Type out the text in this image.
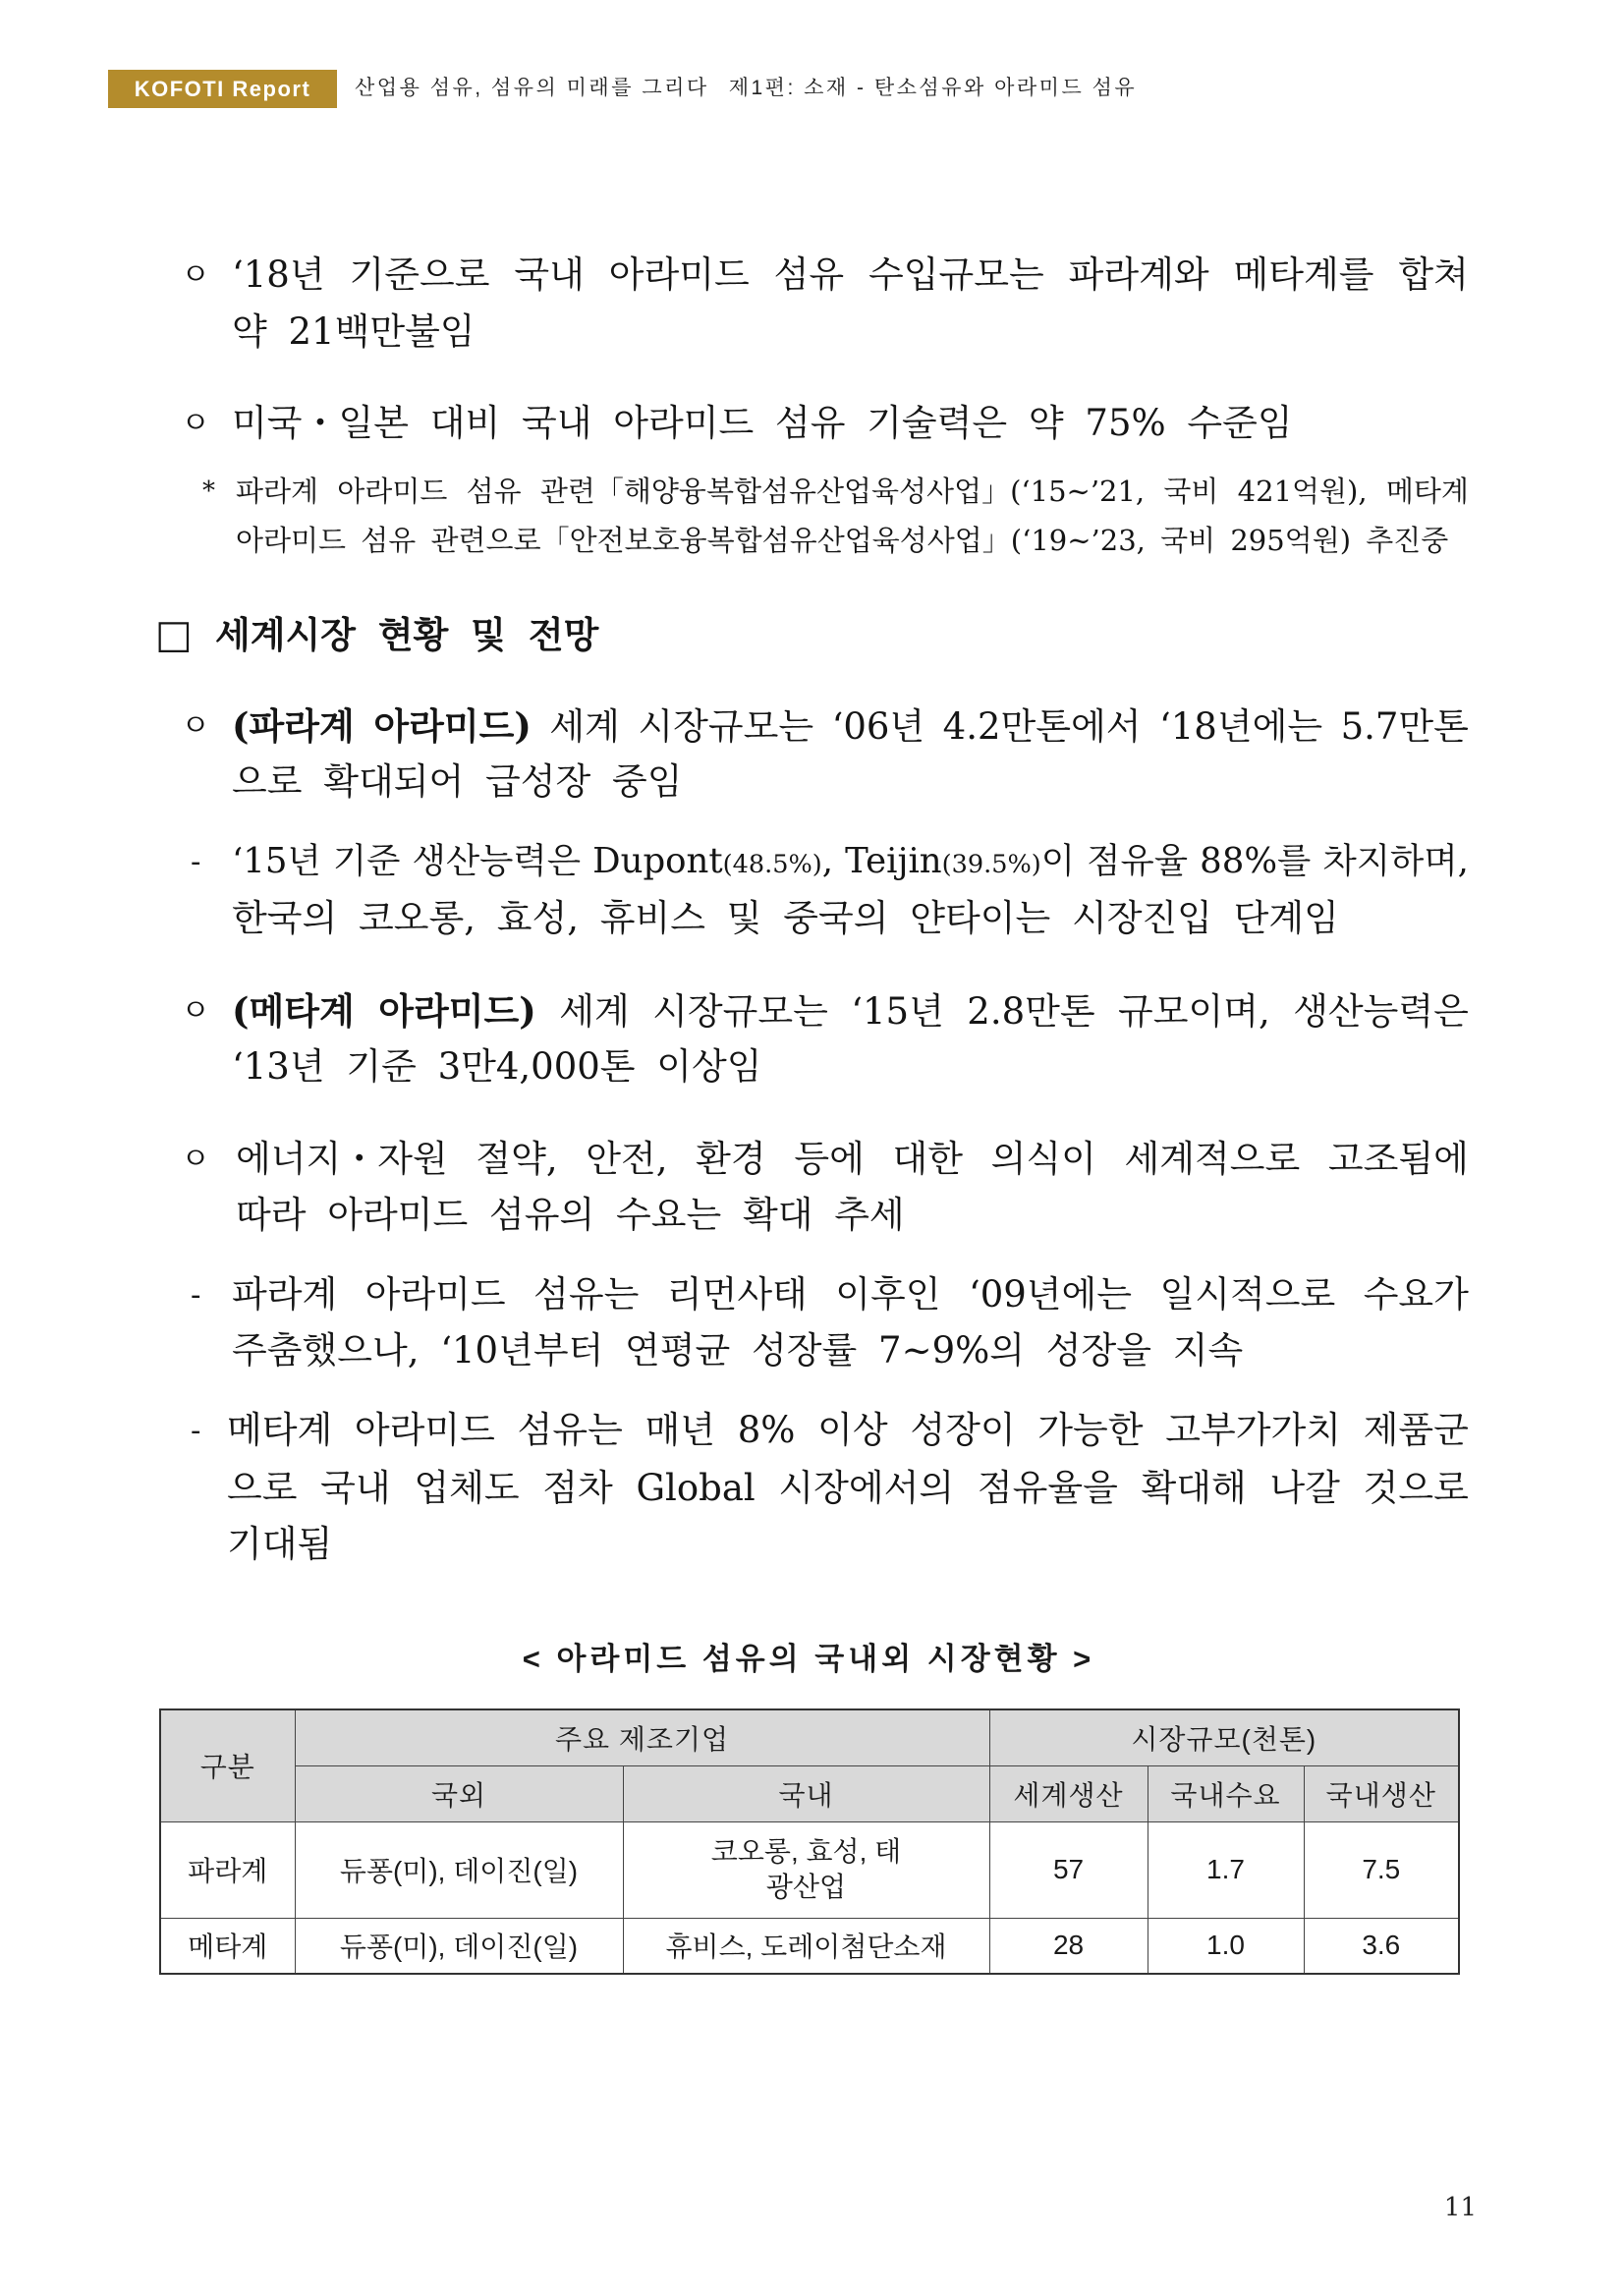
KOFOTI Report	산업용 섬유, 섬유의 미래를 그리다 제1편: 소재 - 탄소섬유와 아라미드 섬유
ㅇ ‘18년 기준으로 국내 아라미드 섬유 수입규모는 파라계와 메타계를 합쳐
약 21백만불임
ㅇ 미국・일본 대비 국내 아라미드 섬유 기술력은 약 75% 수준임
* 파라계 아라미드 섬유 관련「해양융복합섬유산업육성사업」(‘15∼’21, 국비 421억원), 메타계
아라미드 섬유 관련으로「안전보호융복합섬유산업육성사업」(‘19∼’23, 국비 295억원) 추진중
□ 세계시장 현황 및 전망
ㅇ (파라계 아라미드) 세계 시장규모는 ‘06년 4.2만톤에서 ‘18년에는 5.7만톤
으로 확대되어 급성장 중임
- ‘15년 기준 생산능력은 Dupont(48.5%), Teijin(39.5%)이 점유율 88%를 차지하며,
한국의 코오롱, 효성, 휴비스 및 중국의 얀타이는 시장진입 단계임
ㅇ (메타계 아라미드) 세계 시장규모는 ‘15년 2.8만톤 규모이며, 생산능력은
‘13년 기준 3만4,000톤 이상임
ㅇ 에너지・자원 절약, 안전, 환경 등에 대한 의식이 세계적으로 고조됨에
따라 아라미드 섬유의 수요는 확대 추세
- 파라계 아라미드 섬유는 리먼사태 이후인 ‘09년에는 일시적으로 수요가
주춤했으나, ‘10년부터 연평균 성장률 7∼9%의 성장을 지속
- 메타계 아라미드 섬유는 매년 8% 이상 성장이 가능한 고부가가치 제품군
으로 국내 업체도 점차 Global 시장에서의 점유율을 확대해 나갈 것으로
기대됨
< 아라미드 섬유의 국내외 시장현황 >
구분	주요 제조기업		시장규모(천톤)		
	국외	국내	세계생산	국내수요	국내생산
파라계	듀퐁(미), 데이진(일)	코오롱, 효성, 태광산업	57	1.7	7.5
메타계	듀퐁(미), 데이진(일)	휴비스, 도레이첨단소재	28	1.0	3.6
11
